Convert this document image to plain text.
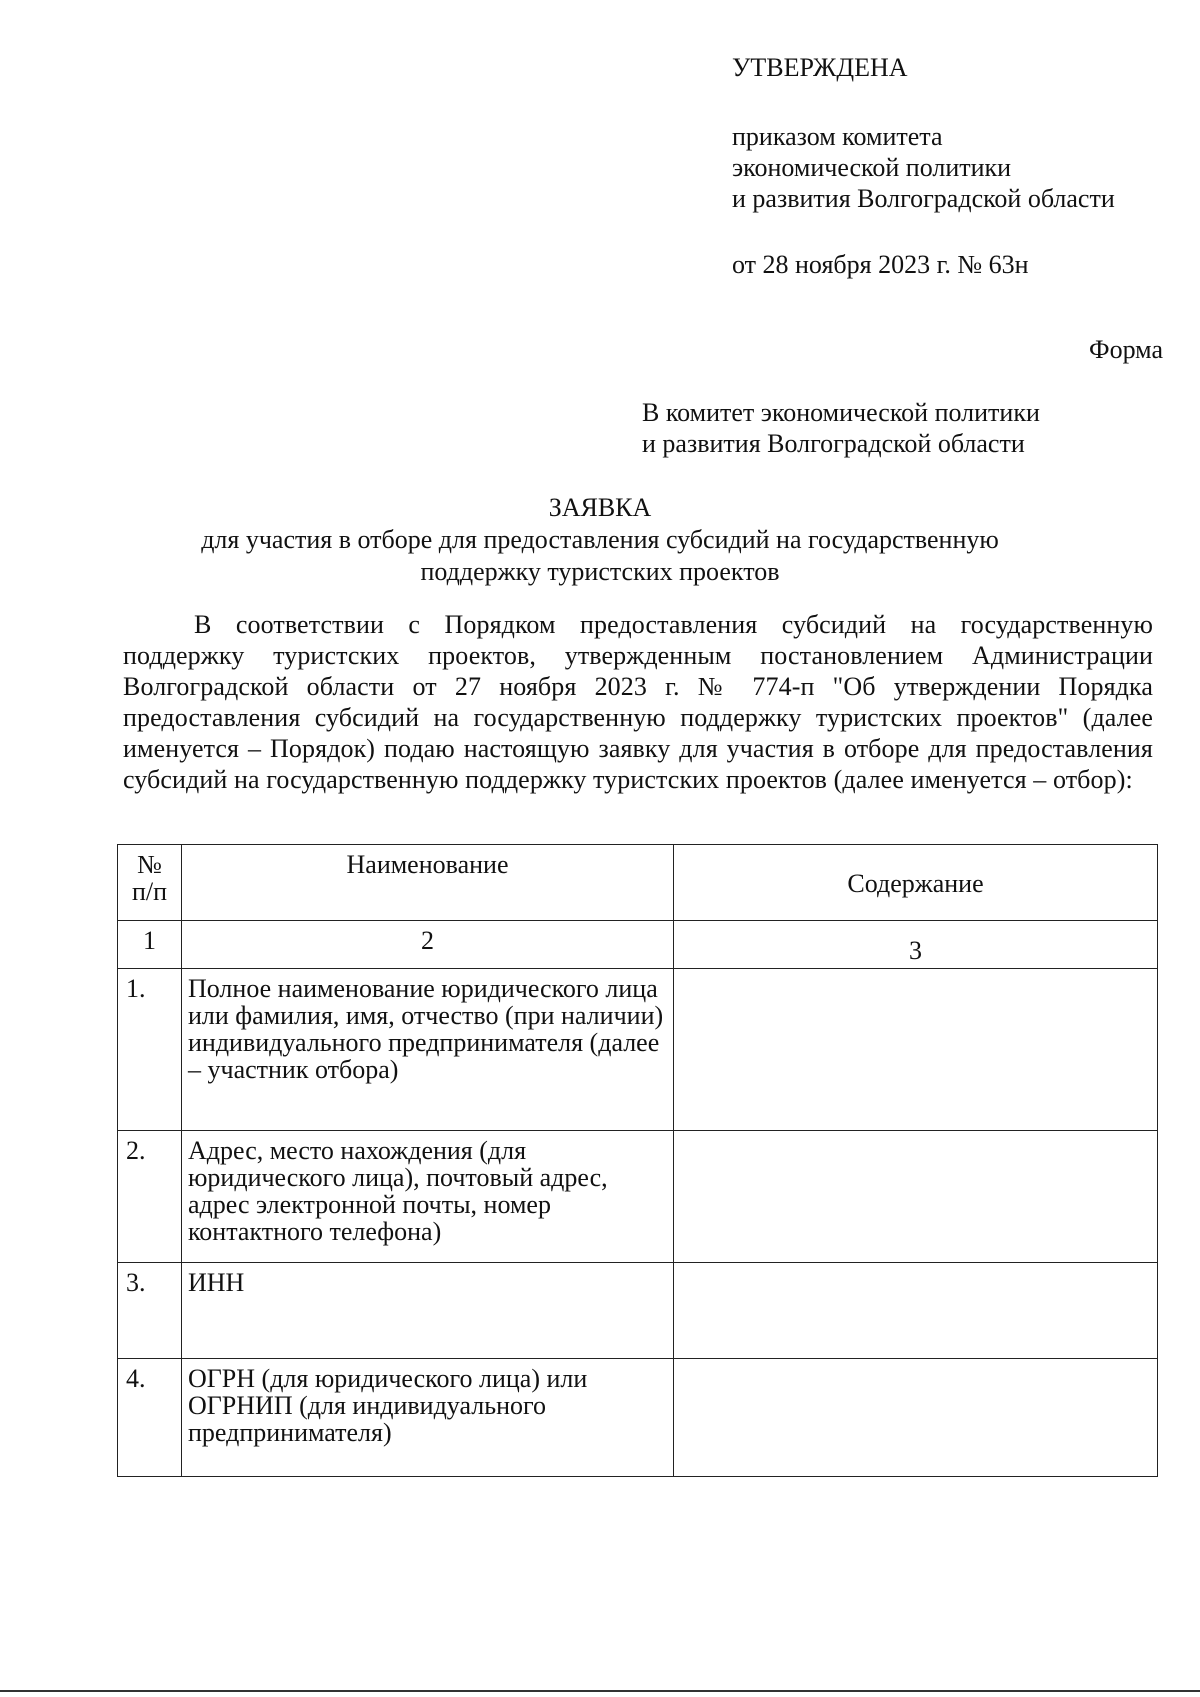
УТВЕРЖДЕНА
приказом комитета
экономической политики
и развития Волгоградской области
от 28 ноября 2023 г. № 63н
Форма
В комитет экономической политики
и развития Волгоградской области
ЗАЯВКА
для участия в отборе для предоставления субсидий на государственную
поддержку туристских проектов
В соответствии с Порядком предоставления субсидий на государственную поддержку туристских проектов, утвержденным постановлением Администрации Волгоградской области от 27 ноября 2023 г. № 774-п "Об утверждении Порядка предоставления субсидий на государственную поддержку туристских проектов" (далее именуется – Порядок) подаю настоящую заявку для участия в отборе для предоставления субсидий на государственную поддержку туристских проектов (далее именуется – отбор):
№ п/п	Наименование	Содержание
1	2	3
1.	Полное наименование юридического лица или фамилия, имя, отчество (при наличии) индивидуального предпринимателя (далее – участник отбора)	
2.	Адрес, место нахождения (для юридического лица), почтовый адрес, адрес электронной почты, номер контактного телефона)	
3.	ИНН	
4.	ОГРН (для юридического лица) или ОГРНИП (для индивидуального предпринимателя)	
